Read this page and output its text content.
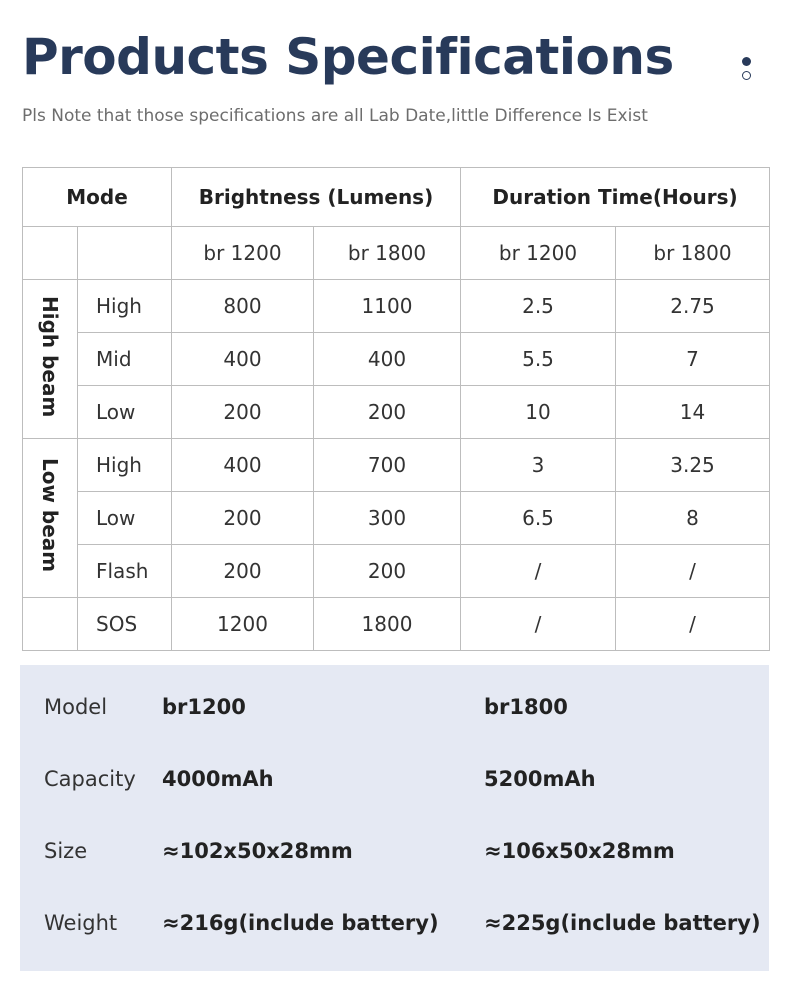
Products Specifications
Pls Note that those specifications are all Lab Date,little Difference Is Exist
Mode		Brightness (Lumens)		Duration Time(Hours)	
		br 1200	br 1800	br 1200	br 1800
High beam	High	800	1100	2.5	2.75
	Mid	400	400	5.5	7
	Low	200	200	10	14
Low beam	High	400	700	3	3.25
	Low	200	300	6.5	8
	Flash	200	200	/	/
	SOS	1200	1800	/	/
Model	br1200	br1800
Capacity 4000mAh	5200mAh
Size	≈102x50x28mm	≈106x50x28mm
Weight ≈216g(include battery) ≈225g(include battery)
